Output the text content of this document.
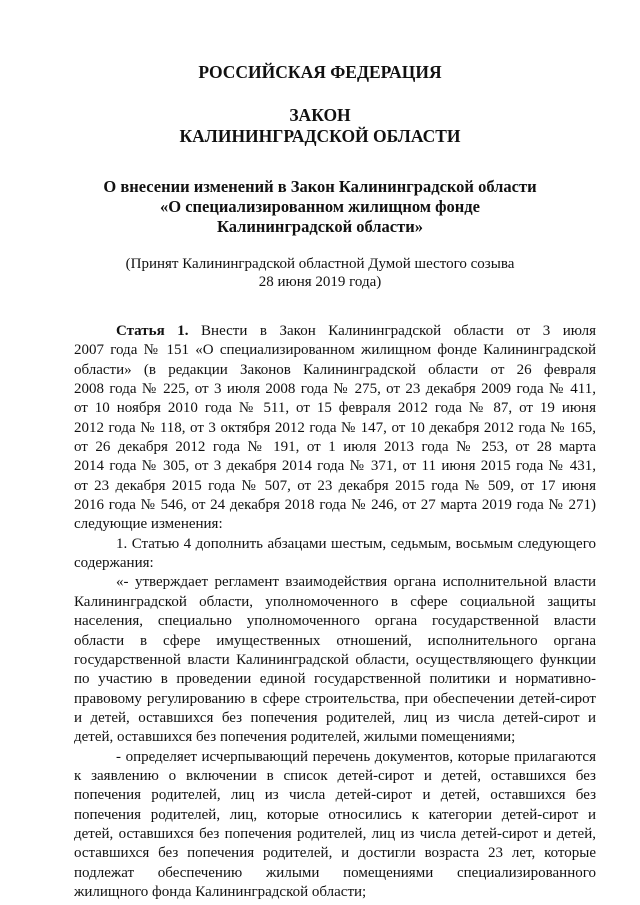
РОССИЙСКАЯ ФЕДЕРАЦИЯ
ЗАКОН
КАЛИНИНГРАДСКОЙ ОБЛАСТИ
О внесении изменений в Закон Калининградской области
«О специализированном жилищном фонде
Калининградской области»
(Принят Калининградской областной Думой шестого созыва
28 июня 2019 года)
Статья 1. Внести в Закон Калининградской области от 3 июля
2007 года № 151 «О специализированном жилищном фонде Калининградской
области» (в редакции Законов Калининградской области от 26 февраля
2008 года № 225, от 3 июля 2008 года № 275, от 23 декабря 2009 года № 411,
от 10 ноября 2010 года № 511, от 15 февраля 2012 года № 87, от 19 июня
2012 года № 118, от 3 октября 2012 года № 147, от 10 декабря 2012 года № 165,
от 26 декабря 2012 года № 191, от 1 июля 2013 года № 253, от 28 марта
2014 года № 305, от 3 декабря 2014 года № 371, от 11 июня 2015 года № 431,
от 23 декабря 2015 года № 507, от 23 декабря 2015 года № 509, от 17 июня
2016 года № 546, от 24 декабря 2018 года № 246, от 27 марта 2019 года № 271)
следующие изменения:
1. Статью 4 дополнить абзацами шестым, седьмым, восьмым следующего
содержания:
«- утверждает регламент взаимодействия органа исполнительной власти
Калининградской области, уполномоченного в сфере социальной защиты
населения, специально уполномоченного органа государственной власти
области в сфере имущественных отношений, исполнительного органа
государственной власти Калининградской области, осуществляющего функции
по участию в проведении единой государственной политики и нормативно-
правовому регулированию в сфере строительства, при обеспечении детей-сирот
и детей, оставшихся без попечения родителей, лиц из числа детей-сирот и
детей, оставшихся без попечения родителей, жилыми помещениями;
- определяет исчерпывающий перечень документов, которые прилагаются
к заявлению о включении в список детей-сирот и детей, оставшихся без
попечения родителей, лиц из числа детей-сирот и детей, оставшихся без
попечения родителей, лиц, которые относились к категории детей-сирот и
детей, оставшихся без попечения родителей, лиц из числа детей-сирот и детей,
оставшихся без попечения родителей, и достигли возраста 23 лет, которые
подлежат обеспечению жилыми помещениями специализированного
жилищного фонда Калининградской области;
